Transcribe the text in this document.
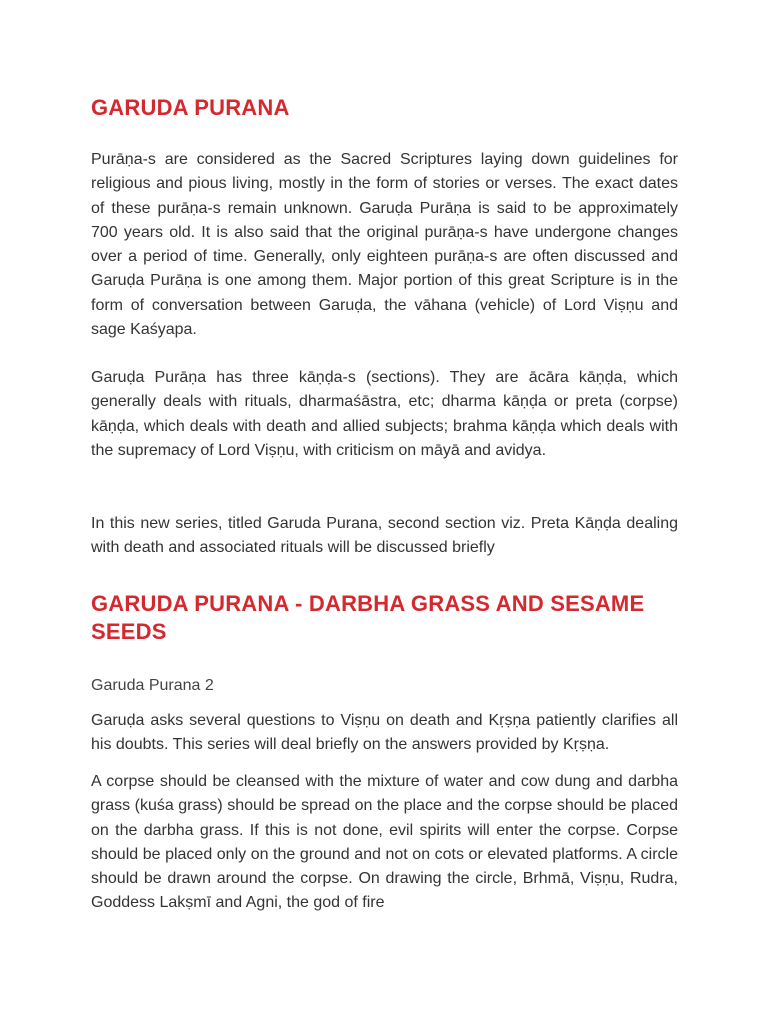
GARUDA PURANA

Purāṇa-s are considered as the Sacred Scriptures laying down guidelines for religious and pious living, mostly in the form of stories or verses. The exact dates of these purāṇa-s remain unknown. Garuḍa Purāṇa is said to be approximately 700 years old. It is also said that the original purāṇa-s have undergone changes over a period of time. Generally, only eighteen purāṇa-s are often discussed and Garuḍa Purāṇa is one among them. Major portion of this great Scripture is in the form of conversation between Garuḍa, the vāhana (vehicle) of Lord Viṣṇu and sage Kaśyapa.

Garuḍa Purāṇa has three kāṇḍa-s (sections). They are ācāra kāṇḍa, which generally deals with rituals, dharmaśāstra, etc; dharma kāṇḍa or preta (corpse) kāṇḍa, which deals with death and allied subjects; brahma kāṇḍa which deals with the supremacy of Lord Viṣṇu, with criticism on māyā and avidya.

In this new series, titled Garuda Purana, second section viz. Preta Kāṇḍa dealing with death and associated rituals will be discussed briefly

GARUDA PURANA - DARBHA GRASS AND SESAME SEEDS

Garuda Purana 2

Garuḍa asks several questions to Viṣṇu on death and Kṛṣṇa patiently clarifies all his doubts. This series will deal briefly on the answers provided by Kṛṣṇa.

A corpse should be cleansed with the mixture of water and cow dung and darbha grass (kuśa grass) should be spread on the place and the corpse should be placed on the darbha grass. If this is not done, evil spirits will enter the corpse. Corpse should be placed only on the ground and not on cots or elevated platforms. A circle should be drawn around the corpse. On drawing the circle, Brhmā, Viṣṇu, Rudra, Goddess Lakṣmī and Agni, the god of fire
